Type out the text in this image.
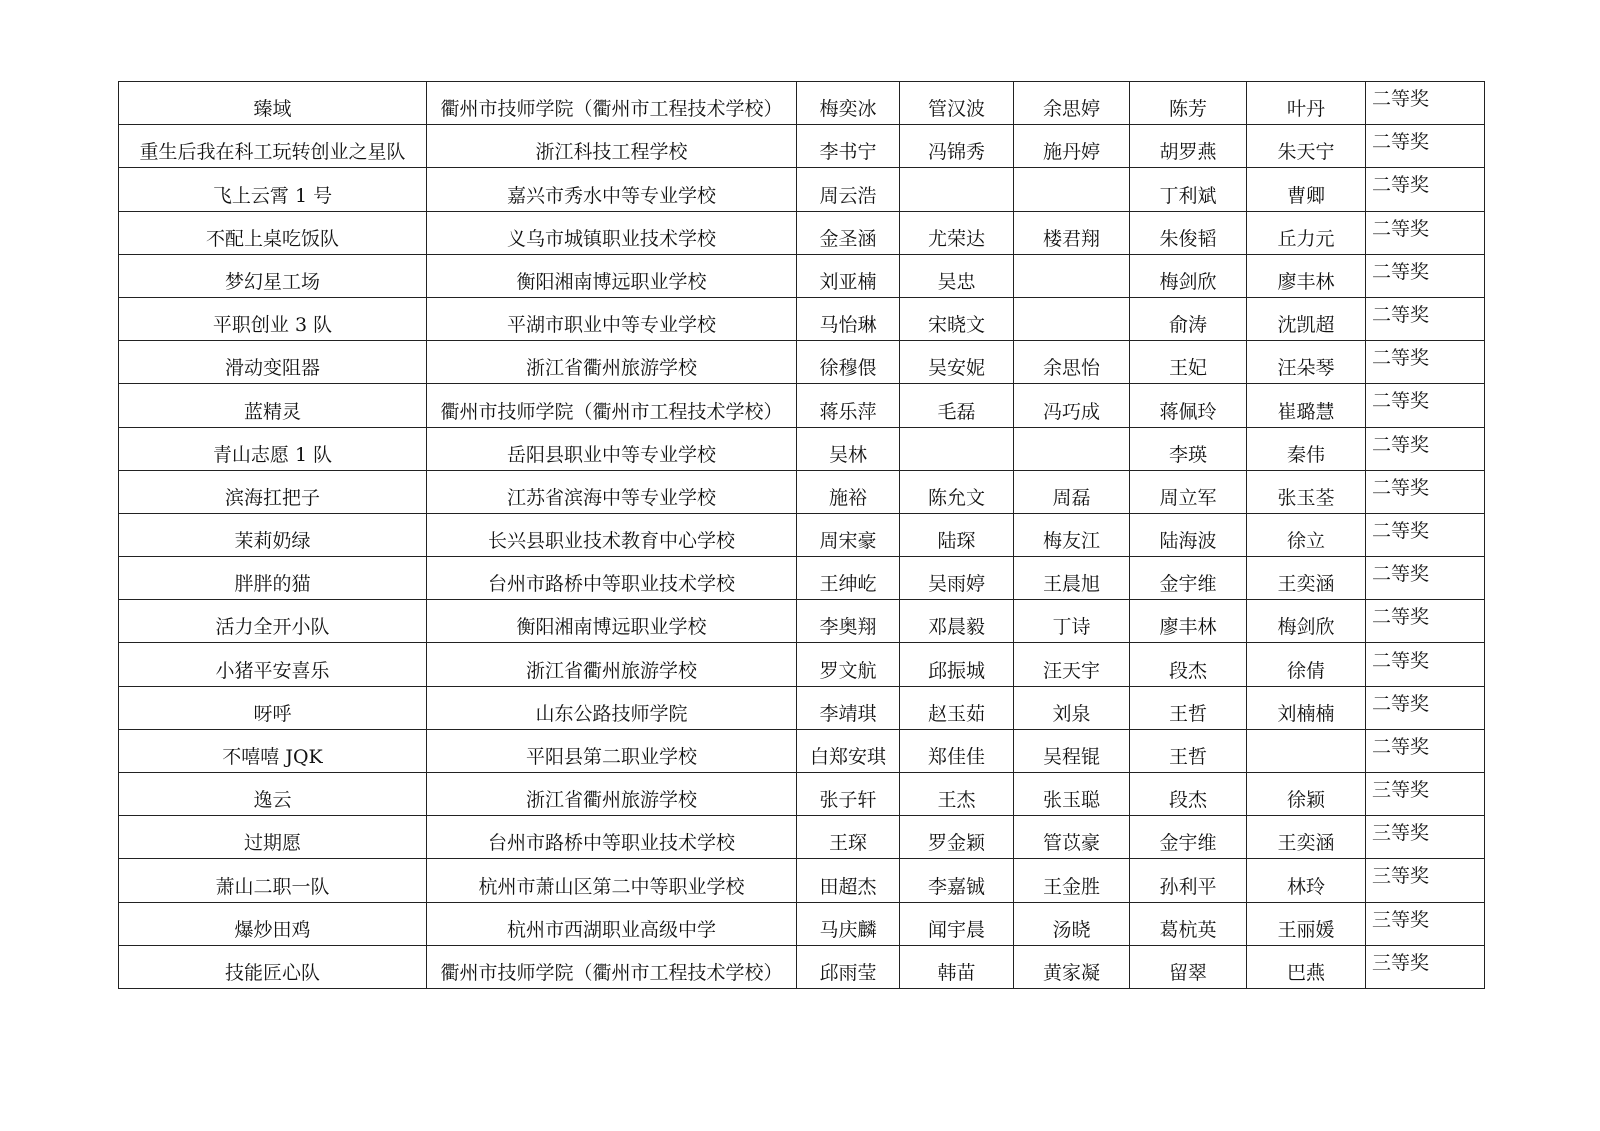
臻域	衢州市技师学院（衢州市工程技术学校）	梅奕冰	管汉波	余思婷	陈芳	叶丹	二等奖
重生后我在科工玩转创业之星队	浙江科技工程学校	李书宁	冯锦秀	施丹婷	胡罗燕	朱天宁	二等奖
飞上云霄 1 号	嘉兴市秀水中等专业学校	周云浩			丁利斌	曹卿	二等奖
不配上桌吃饭队	义乌市城镇职业技术学校	金圣涵	尤荣达	楼君翔	朱俊韬	丘力元	二等奖
梦幻星工场	衡阳湘南博远职业学校	刘亚楠	吴忠		梅剑欣	廖丰林	二等奖
平职创业 3 队	平湖市职业中等专业学校	马怡琳	宋晓文		俞涛	沈凯超	二等奖
滑动变阻器	浙江省衢州旅游学校	徐穆偎	吴安妮	余思怡	王妃	汪朵琴	二等奖
蓝精灵	衢州市技师学院（衢州市工程技术学校）	蒋乐萍	毛磊	冯巧成	蒋佩玲	崔璐慧	二等奖
青山志愿 1 队	岳阳县职业中等专业学校	吴林			李瑛	秦伟	二等奖
滨海扛把子	江苏省滨海中等专业学校	施裕	陈允文	周磊	周立军	张玉荃	二等奖
茉莉奶绿	长兴县职业技术教育中心学校	周宋豪	陆琛	梅友江	陆海波	徐立	二等奖
胖胖的猫	台州市路桥中等职业技术学校	王绅屹	吴雨婷	王晨旭	金宇维	王奕涵	二等奖
活力全开小队	衡阳湘南博远职业学校	李奥翔	邓晨毅	丁诗	廖丰林	梅剑欣	二等奖
小猪平安喜乐	浙江省衢州旅游学校	罗文航	邱振城	汪天宇	段杰	徐倩	二等奖
呀呼	山东公路技师学院	李靖琪	赵玉茹	刘泉	王哲	刘楠楠	二等奖
不嘻嘻 JQK	平阳县第二职业学校	白郑安琪	郑佳佳	吴程锟	王哲		二等奖
逸云	浙江省衢州旅游学校	张子轩	王杰	张玉聪	段杰	徐颖	三等奖
过期愿	台州市路桥中等职业技术学校	王琛	罗金颖	管苡豪	金宇维	王奕涵	三等奖
萧山二职一队	杭州市萧山区第二中等职业学校	田超杰	李嘉铖	王金胜	孙利平	林玲	三等奖
爆炒田鸡	杭州市西湖职业高级中学	马庆麟	闻宇晨	汤晓	葛杭英	王丽媛	三等奖
技能匠心队	衢州市技师学院（衢州市工程技术学校）	邱雨莹	韩苗	黄家凝	留翠	巴燕	三等奖
